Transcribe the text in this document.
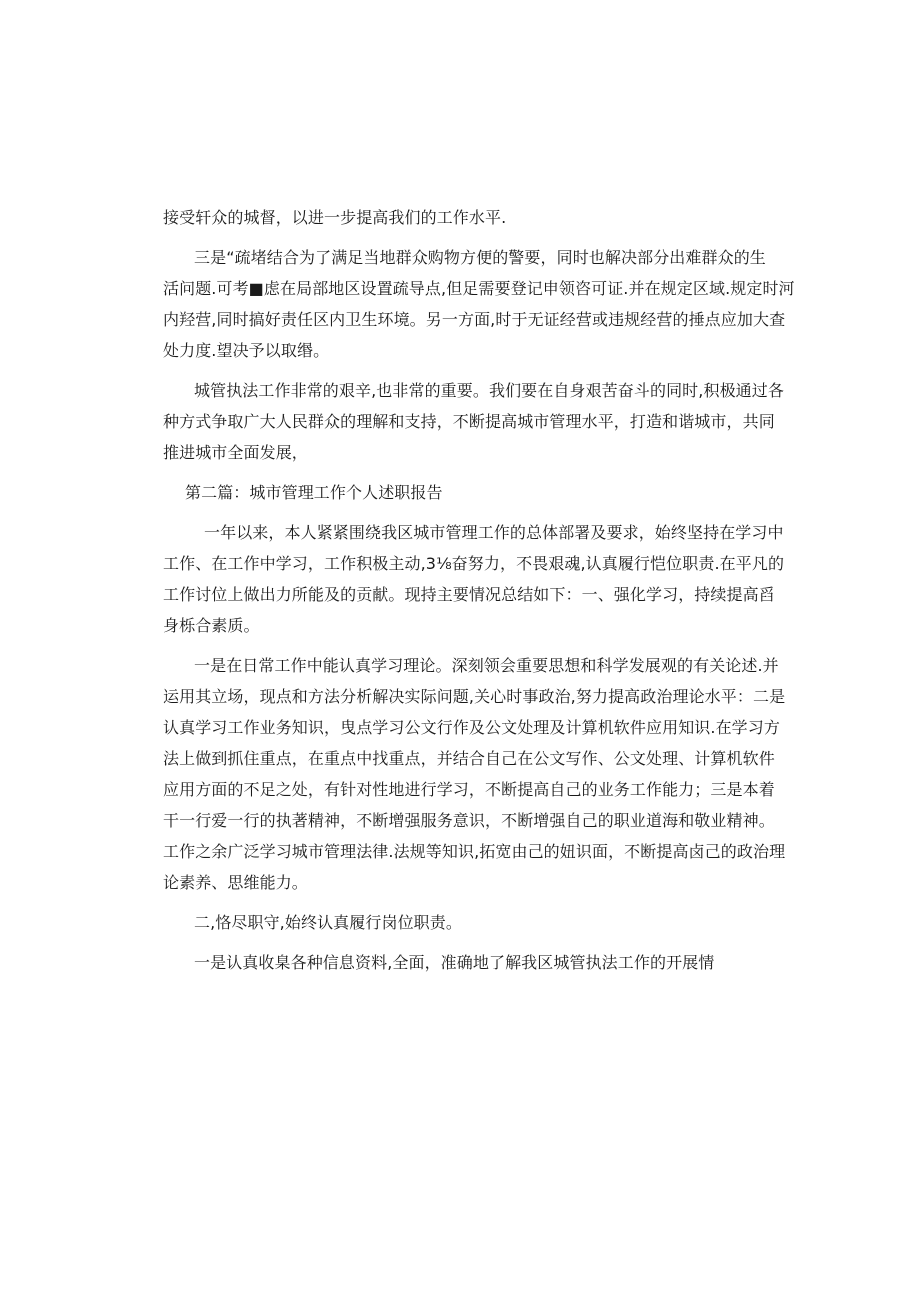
接受轩众的城督，以进一步提高我们的工作水平.
三是“疏堵结合为了满足当地群众购物方便的警要，同时也解决部分出难群众的生
活问题.可考■虑在局部地区设置疏导点,但足需要登记申领咨可证.并在规定区域.规定时河
内羟营,同时搞好责任区内卫生环境。另一方面,时于无证经营或违规经营的捶点应加大查
处力度.望决予以取缗。
城管执法工作非常的艰辛,也非常的重要。我们要在自身艰苦奋斗的同时,积极通过各
种方式争取广大人民群众的理解和支持，不断提高城市管理水平，打造和谐城市，共同
推进城市全面发展，
第二篇：城市管理工作个人述职报告
一年以来，本人紧紧围绕我区城市管理工作的总体部署及要求，始终坚持在学习中
工作、在工作中学习，工作积极主动,3⅛奋努力，不畏艰魂,认真履行恺位职责.在平凡的
工作讨位上做出力所能及的贡献。现持主要情况总结如下：一、强化学习，持续提高舀
身栎合素质。
一是在日常工作中能认真学习理论。深刻领会重要思想和科学发展观的有关论述.并
运用其立场，现点和方法分析解决实际问题,关心时事政治,努力提高政治理论水平：二是
认真学习工作业务知识，曳点学习公文行作及公文处理及计算机软件应用知识.在学习方
法上做到抓住重点，在重点中找重点，并结合自己在公文写作、公文处理、计算机软件
应用方面的不足之处，有针对性地进行学习，不断提高自己的业务工作能力；三是本着
干一行爱一行的执著精神，不断增强服务意识，不断增强自己的职业道海和敬业精神。
工作之余广泛学习城市管理法律.法规等知识,拓宽由己的妞识面，不断提高卤己的政治理
论素养、思维能力。
二,恪尽职守,始终认真履行岗位职责。
一是认真收臬各种信息资料,全面，准确地了解我区城管执法工作的开展情
